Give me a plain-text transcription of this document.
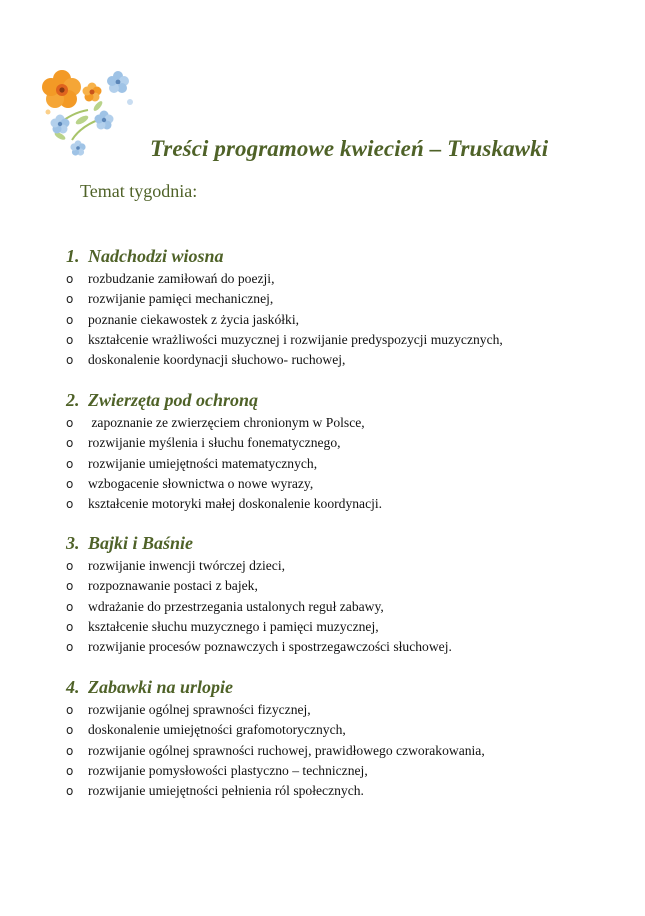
Treści programowe kwiecień – Truskawki
Temat tygodnia:
1. Nadchodzi wiosna
o rozbudzanie zamiłowań do poezji,
o rozwijanie pamięci mechanicznej,
o poznanie ciekawostek z życia jaskółki,
o kształcenie wrażliwości muzycznej i rozwijanie predyspozycji muzycznych,
o doskonalenie koordynacji słuchowo- ruchowej,
2. Zwierzęta pod ochroną
o zapoznanie ze zwierzęciem chronionym w Polsce,
o rozwijanie myślenia i słuchu fonematycznego,
o rozwijanie umiejętności matematycznych,
o wzbogacenie słownictwa o nowe wyrazy,
o kształcenie motoryki małej doskonalenie koordynacji.
3. Bajki i Baśnie
o rozwijanie inwencji twórczej dzieci,
o rozpoznawanie postaci z bajek,
o wdrażanie do przestrzegania ustalonych reguł zabawy,
o kształcenie słuchu muzycznego i pamięci muzycznej,
o rozwijanie procesów poznawczych i spostrzegawczości słuchowej.
4. Zabawki na urlopie
o rozwijanie ogólnej sprawności fizycznej,
o doskonalenie umiejętności grafomotorycznych,
o rozwijanie ogólnej sprawności ruchowej, prawidłowego czworakowania,
o rozwijanie pomysłowości plastyczno – technicznej,
o rozwijanie umiejętności pełnienia ról społecznych.
